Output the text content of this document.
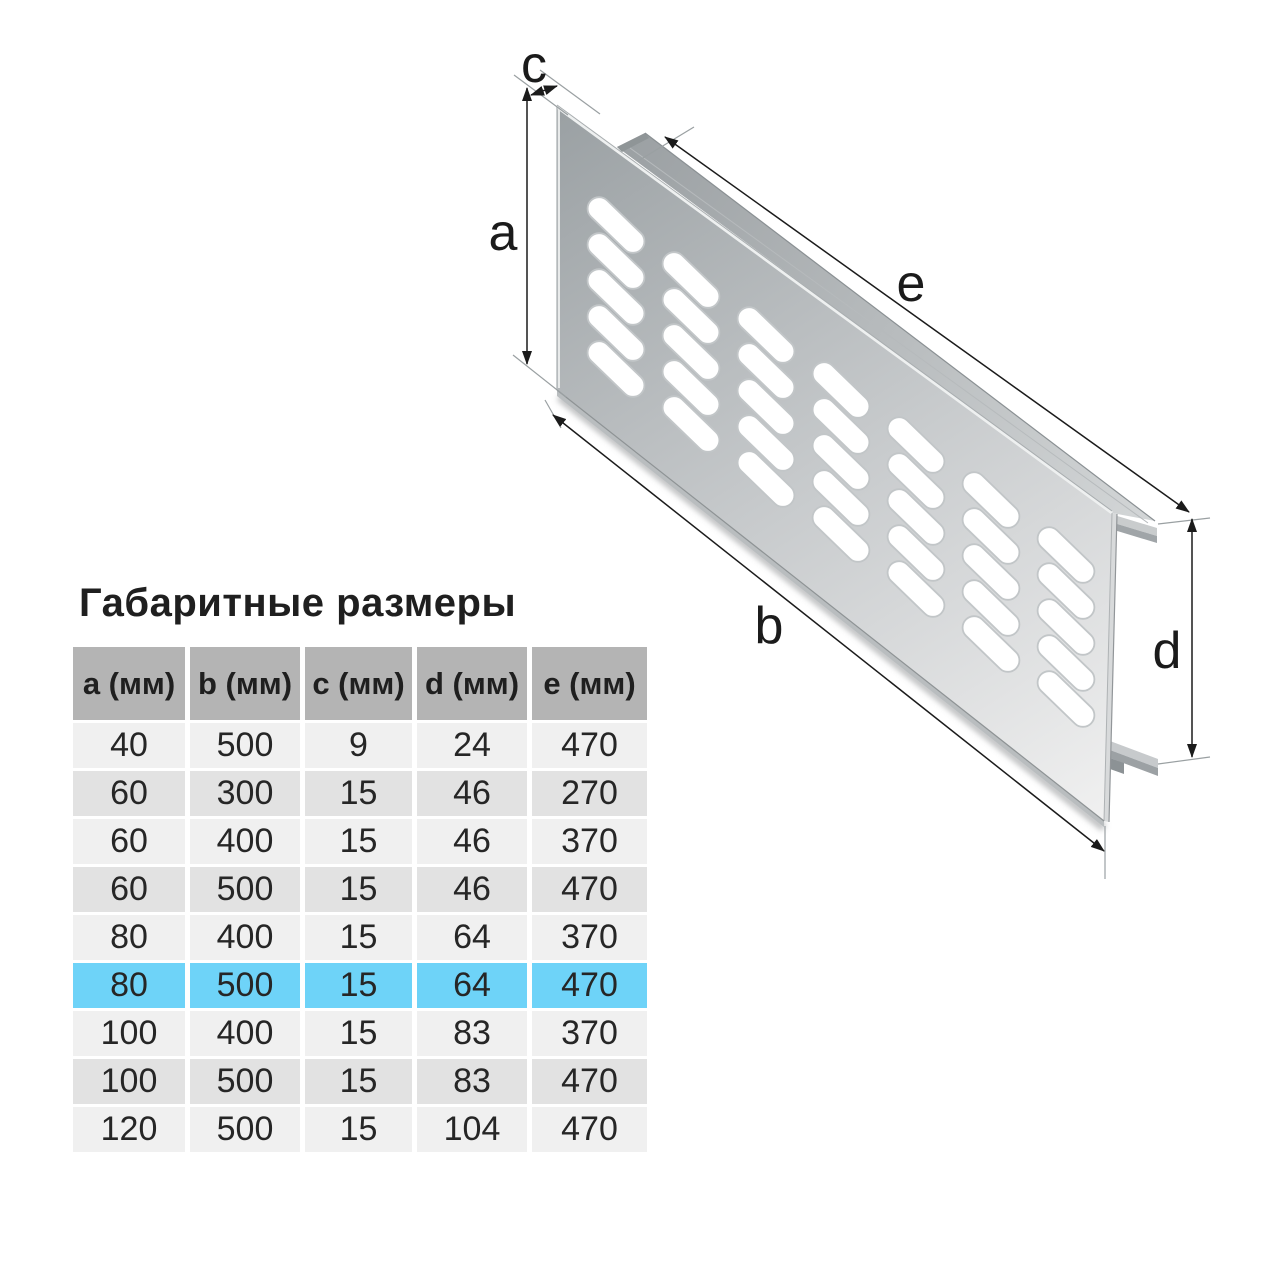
c
a
e
b	d
Габаритные размеры
a (мм)	b (мм)	c (мм)	d (мм)	e (мм)
40	500	9	24	470
60	300	15	46	270
60	400	15	46	370
60	500	15	46	470
80	400	15	64	370
80	500	15	64	470
100	400	15	83	370
100	500	15	83	470
120	500	15	104	470
